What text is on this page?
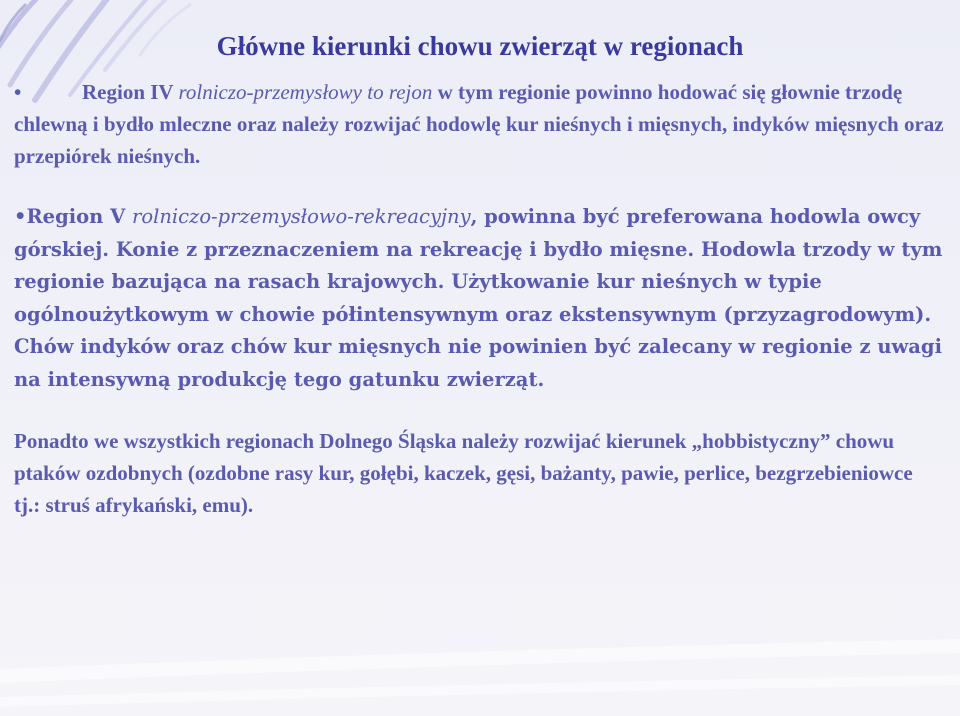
Główne kierunki chowu zwierząt w regionach

•	Region IV rolniczo-przemysłowy to rejon w tym regionie powinno hodować się głownie trzodę chlewną i bydło mleczne oraz należy rozwijać hodowlę kur nieśnych i mięsnych, indyków mięsnych oraz przepiórek nieśnych.

•Region V rolniczo-przemysłowo-rekreacyjny, powinna być preferowana hodowla owcy górskiej. Konie z przeznaczeniem na rekreację i bydło mięsne. Hodowla trzody w tym regionie bazująca na rasach krajowych. Użytkowanie kur nieśnych w typie ogólnoużytkowym w chowie półintensywnym oraz ekstensywnym (przyzagrodowym). Chów indyków oraz chów kur mięsnych nie powinien być zalecany w regionie z uwagi na intensywną produkcję tego gatunku zwierząt.

Ponadto we wszystkich regionach Dolnego Śląska należy rozwijać kierunek „hobbistyczny” chowu ptaków ozdobnych (ozdobne rasy kur, gołębi, kaczek, gęsi, bażanty, pawie, perlice, bezgrzebieniowce tj.: struś afrykański, emu).
